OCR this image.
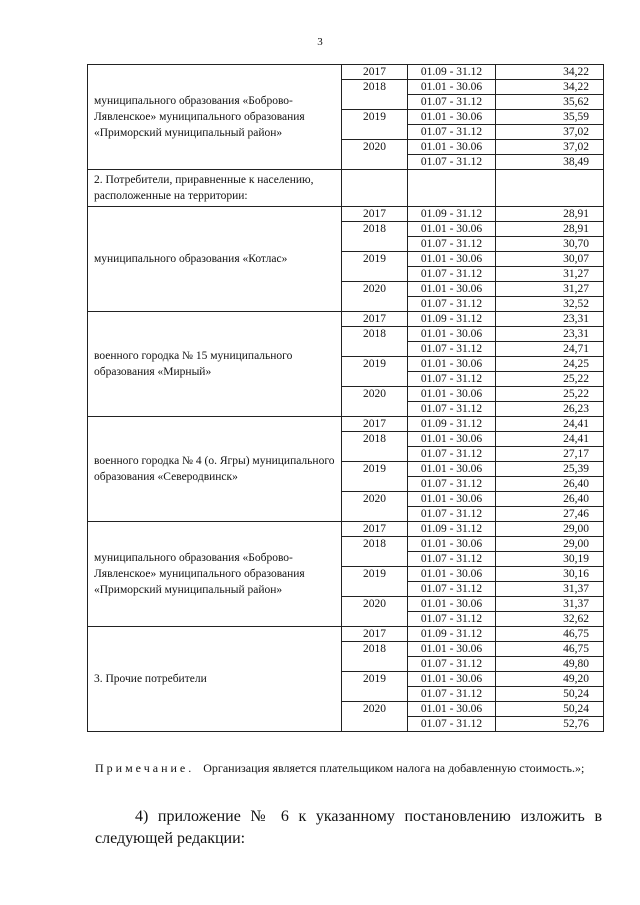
3
муниципального образования «Боброво-Лявленское» муниципального образования «Приморский муниципальный район»	2017	01.09 - 31.12	34,22
	2018	01.01 - 30.06	34,22
		01.07 - 31.12	35,62
	2019	01.01 - 30.06	35,59
		01.07 - 31.12	37,02
	2020	01.01 - 30.06	37,02
		01.07 - 31.12	38,49
2. Потребители, приравненные к населению, расположенные на территории:			
муниципального образования «Котлас»	2017	01.09 - 31.12	28,91
	2018	01.01 - 30.06	28,91
		01.07 - 31.12	30,70
	2019	01.01 - 30.06	30,07
		01.07 - 31.12	31,27
	2020	01.01 - 30.06	31,27
		01.07 - 31.12	32,52
военного городка № 15 муниципального образования «Мирный»	2017	01.09 - 31.12	23,31
	2018	01.01 - 30.06	23,31
		01.07 - 31.12	24,71
	2019	01.01 - 30.06	24,25
		01.07 - 31.12	25,22
	2020	01.01 - 30.06	25,22
		01.07 - 31.12	26,23
военного городка № 4 (о. Ягры) муниципального образования «Северодвинск»	2017	01.09 - 31.12	24,41
	2018	01.01 - 30.06	24,41
		01.07 - 31.12	27,17
	2019	01.01 - 30.06	25,39
		01.07 - 31.12	26,40
	2020	01.01 - 30.06	26,40
		01.07 - 31.12	27,46
муниципального образования «Боброво-Лявленское» муниципального образования «Приморский муниципальный район»	2017	01.09 - 31.12	29,00
	2018	01.01 - 30.06	29,00
		01.07 - 31.12	30,19
	2019	01.01 - 30.06	30,16
		01.07 - 31.12	31,37
	2020	01.01 - 30.06	31,37
		01.07 - 31.12	32,62
3. Прочие потребители	2017	01.09 - 31.12	46,75
	2018	01.01 - 30.06	46,75
		01.07 - 31.12	49,80
	2019	01.01 - 30.06	49,20
		01.07 - 31.12	50,24
	2020	01.01 - 30.06	50,24
		01.07 - 31.12	52,76
Примечание. Организация является плательщиком налога на добавленную стоимость.»;
4) приложение № 6 к указанному постановлению изложить в следующей редакции:
